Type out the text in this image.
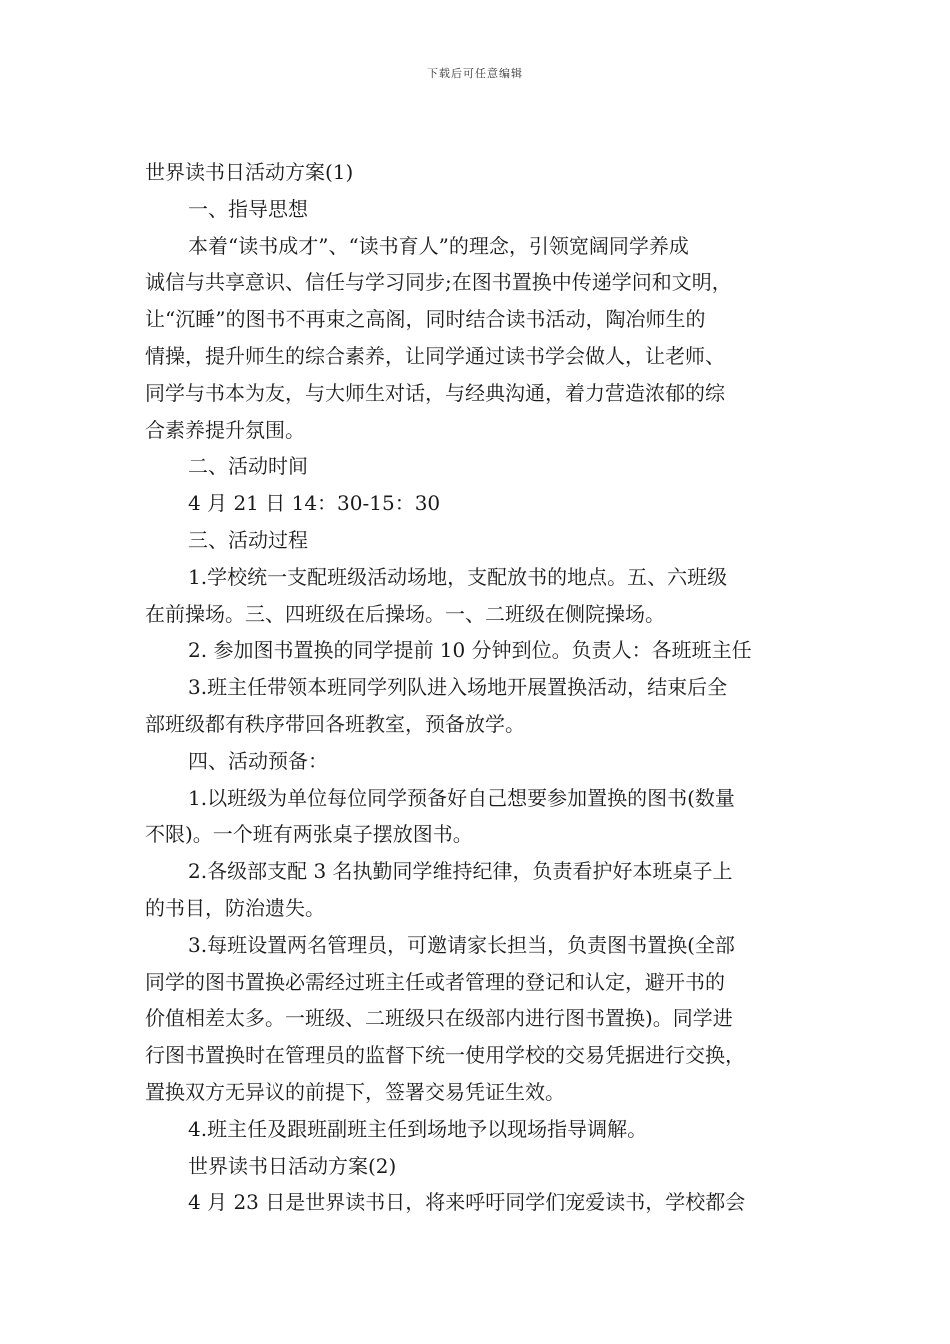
下载后可任意编辑
世界读书日活动方案(1)
一、指导思想
本着“读书成才”、“读书育人”的理念，引领宽阔同学养成
诚信与共享意识、信任与学习同步;在图书置换中传递学问和文明，
让“沉睡”的图书不再束之高阁，同时结合读书活动，陶冶师生的
情操，提升师生的综合素养，让同学通过读书学会做人，让老师、
同学与书本为友，与大师生对话，与经典沟通，着力营造浓郁的综
合素养提升氛围。
二、活动时间
4 月 21 日 14：30-15：30
三、活动过程
1.学校统一支配班级活动场地，支配放书的地点。五、六班级
在前操场。三、四班级在后操场。一、二班级在侧院操场。
2. 参加图书置换的同学提前 10 分钟到位。负责人：各班班主任
3.班主任带领本班同学列队进入场地开展置换活动，结束后全
部班级都有秩序带回各班教室，预备放学。
四、活动预备：
1.以班级为单位每位同学预备好自己想要参加置换的图书(数量
不限)。一个班有两张桌子摆放图书。
2.各级部支配 3 名执勤同学维持纪律，负责看护好本班桌子上
的书目，防治遗失。
3.每班设置两名管理员，可邀请家长担当，负责图书置换(全部
同学的图书置换必需经过班主任或者管理的登记和认定，避开书的
价值相差太多。一班级、二班级只在级部内进行图书置换)。同学进
行图书置换时在管理员的监督下统一使用学校的交易凭据进行交换，
置换双方无异议的前提下，签署交易凭证生效。
4.班主任及跟班副班主任到场地予以现场指导调解。
世界读书日活动方案(2)
4 月 23 日是世界读书日，将来呼吁同学们宠爱读书，学校都会
